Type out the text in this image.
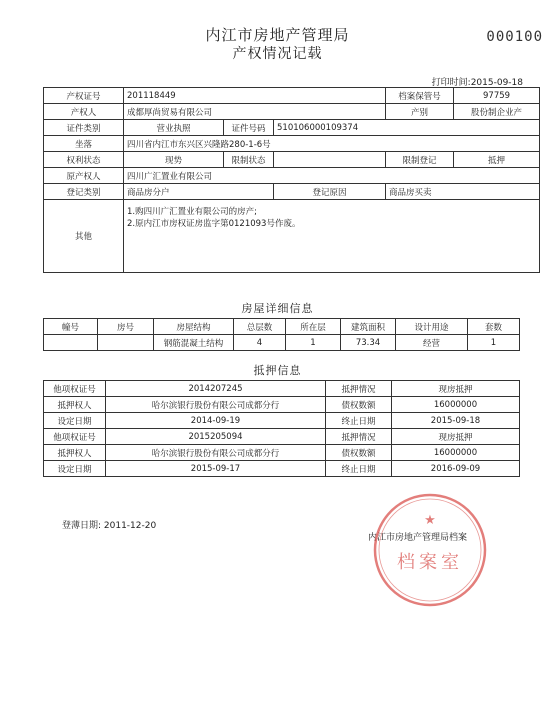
内江市房地产管理局
产权情况记载
000100
打印时间:2015-09-18
产权证号	201118449			档案保管号	97759
产权人	成都厚尚贸易有限公司			产别	股份制企业产
证件类别	营业执照	证件号码	510106000109374		
坐落	四川省内江市东兴区兴隆路280-1-6号				
权利状态	现势	限制状态		限制登记	抵押
原产权人	四川广汇置业有限公司				
登记类别	商品房分户		登记原因	商品房买卖	
其他	1.购四川广汇置业有限公司的房产;
2.原内江市房权证房监字第0121093号作废。				
房屋详细信息
幢号	房号	房屋结构	总层数	所在层	建筑面积	设计用途	套数
		钢筋混凝土结构	4	1	73.34	经营	1
抵押信息
他项权证号	2014207245	抵押情况	现房抵押
抵押权人	哈尔滨银行股份有限公司成都分行	债权数额	16000000
设定日期	2014-09-19	终止日期	2015-09-18
他项权证号	2015205094	抵押情况	现房抵押
抵押权人	哈尔滨银行股份有限公司成都分行	债权数额	16000000
设定日期	2015-09-17	终止日期	2016-09-09
登薄日期: 2011-12-20
内江市房地产管理局档案
★
档案室
